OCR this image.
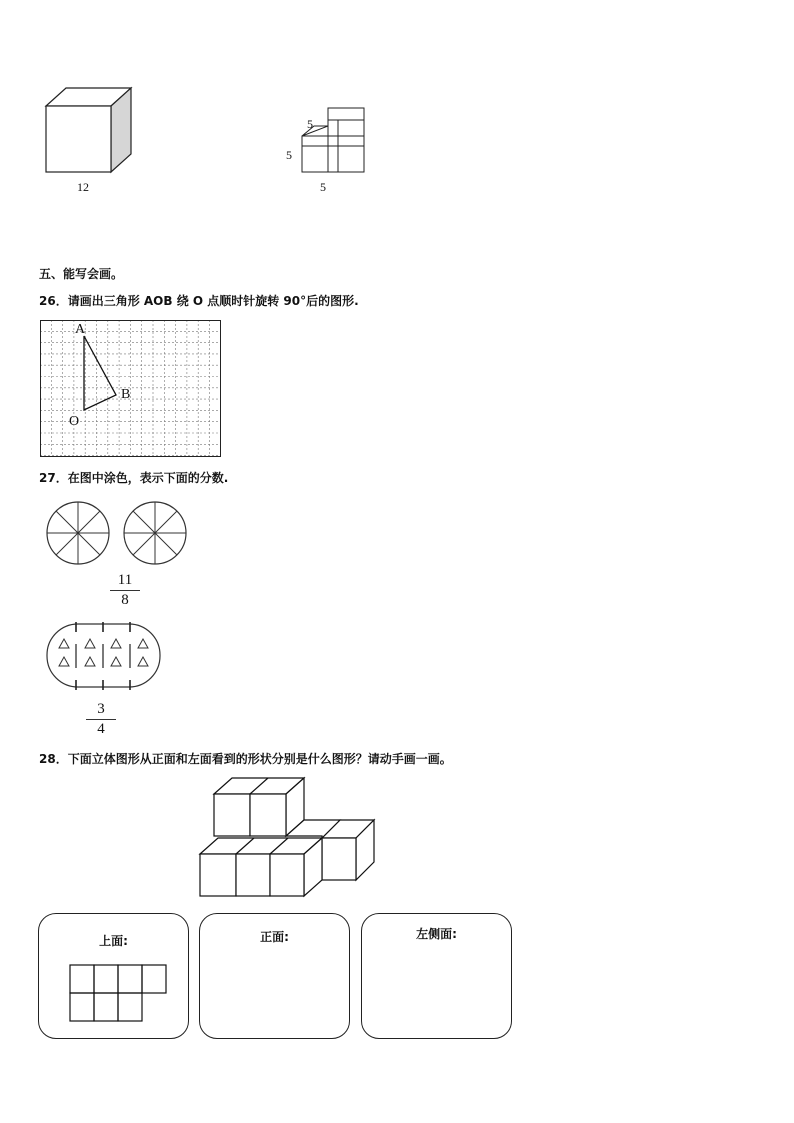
12
5
5
5
五、能写会画。
26．请画出三角形 AOB 绕 O 点顺时针旋转 90°后的图形.
A
B
O
27．在图中涂色，表示下面的分数.
11
8
3
4
28．下面立体图形从正面和左面看到的形状分别是什么图形？请动手画一画。
上面:	正面:	左侧面:
